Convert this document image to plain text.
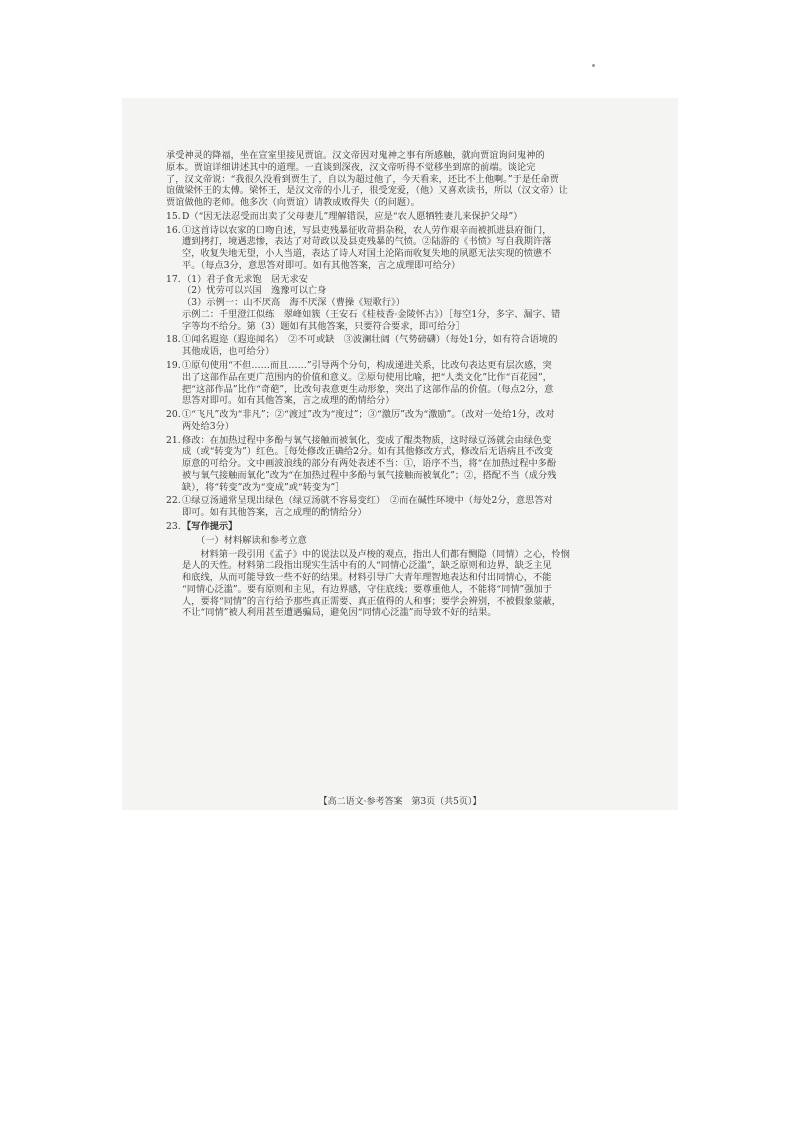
承受神灵的降福，坐在宣室里接见贾谊。汉文帝因对鬼神之事有所感触，就向贾谊询问鬼神的
原本。贾谊详细讲述其中的道理。一直谈到深夜，汉文帝听得不觉移坐到席的前端。谈论完
了，汉文帝说：“我很久没看到贾生了，自以为超过他了，今天看来，还比不上他啊。”于是任命贾
谊做梁怀王的太傅。梁怀王，是汉文帝的小儿子，很受宠爱，（他）又喜欢读书，所以（汉文帝）让
贾谊做他的老师。他多次（向贾谊）请教成败得失（的问题）。
15. D（“因无法忍受而出卖了父母妻儿”理解错误，应是“农人愿牺牲妻儿来保护父母”）
16. ①这首诗以农家的口吻自述，写县吏残暴征收苛捐杂税，农人劳作艰辛而被抓进县府衙门，
遭到拷打，境遇悲惨，表达了对苛政以及县吏残暴的气愤。②陆游的《书愤》写自我期许落
空，收复失地无望，小人当道，表达了诗人对国土沦陷而收复失地的夙愿无法实现的愤懑不
平。（每点3分，意思答对即可。如有其他答案，言之成理即可给分）
17. （1）君子食无求饱　居无求安
（2）忧劳可以兴国　逸豫可以亡身
（3）示例一：山不厌高　海不厌深（曹操《短歌行》）
示例二：千里澄江似练　翠峰如簇（王安石《桂枝香·金陵怀古》）［每空1分，多字、漏字、错
字等均不给分。第（3）题如有其他答案，只要符合要求，即可给分］
18. ①闻名遐迩（遐迩闻名）　②不可或缺　③波澜壮阔（气势磅礴）（每处1分，如有符合语境的
其他成语，也可给分）
19. ①原句使用“不但……而且……”引导两个分句，构成递进关系，比改句表达更有层次感，突
出了这部作品在更广范围内的价值和意义。②原句使用比喻，把“人类文化”比作“百花园”，
把“这部作品”比作“奇葩”，比改句表意更生动形象，突出了这部作品的价值。（每点2分，意
思答对即可。如有其他答案，言之成理的酌情给分）
20. ①“飞凡”改为“非凡”；②“渡过”改为“度过”；③“激厉”改为“激励”。（改对一处给1分，改对
两处给3分）
21. 修改：在加热过程中多酚与氧气接触而被氧化，变成了醌类物质，这时绿豆汤就会由绿色变
成（或“转变为”）红色。［每处修改正确给2分。如有其他修改方式，修改后无语病且不改变
原意的可给分。文中画波浪线的部分有两处表述不当：①，语序不当，将“在加热过程中多酚
被与氧气接触而氧化”改为“在加热过程中多酚与氧气接触而被氧化”；②，搭配不当（成分残
缺），将“转变”改为“变成”或“转变为”］
22. ①绿豆汤通常呈现出绿色（绿豆汤就不容易变红）　②而在碱性环境中（每处2分，意思答对
即可。如有其他答案，言之成理的酌情给分）
23. 【写作提示】
（一）材料解读和参考立意
材料第一段引用《孟子》中的说法以及卢梭的观点，指出人们都有恻隐（同情）之心，怜悯
是人的天性。材料第二段指出现实生活中有的人“同情心泛滥”，缺乏原则和边界，缺乏主见
和底线，从而可能导致一些不好的结果。材料引导广大青年理智地表达和付出同情心，不能
“同情心泛滥”。要有原则和主见，有边界感，守住底线；要尊重他人，不能将“同情”强加于
人，要将“同情”的言行给予那些真正需要、真正值得的人和事；要学会辨别，不被假象蒙蔽，
不让“同情”被人利用甚至遭遇骗局，避免因“同情心泛滥”而导致不好的结果。
【高二语文·参考答案　第3页（共5页）】
